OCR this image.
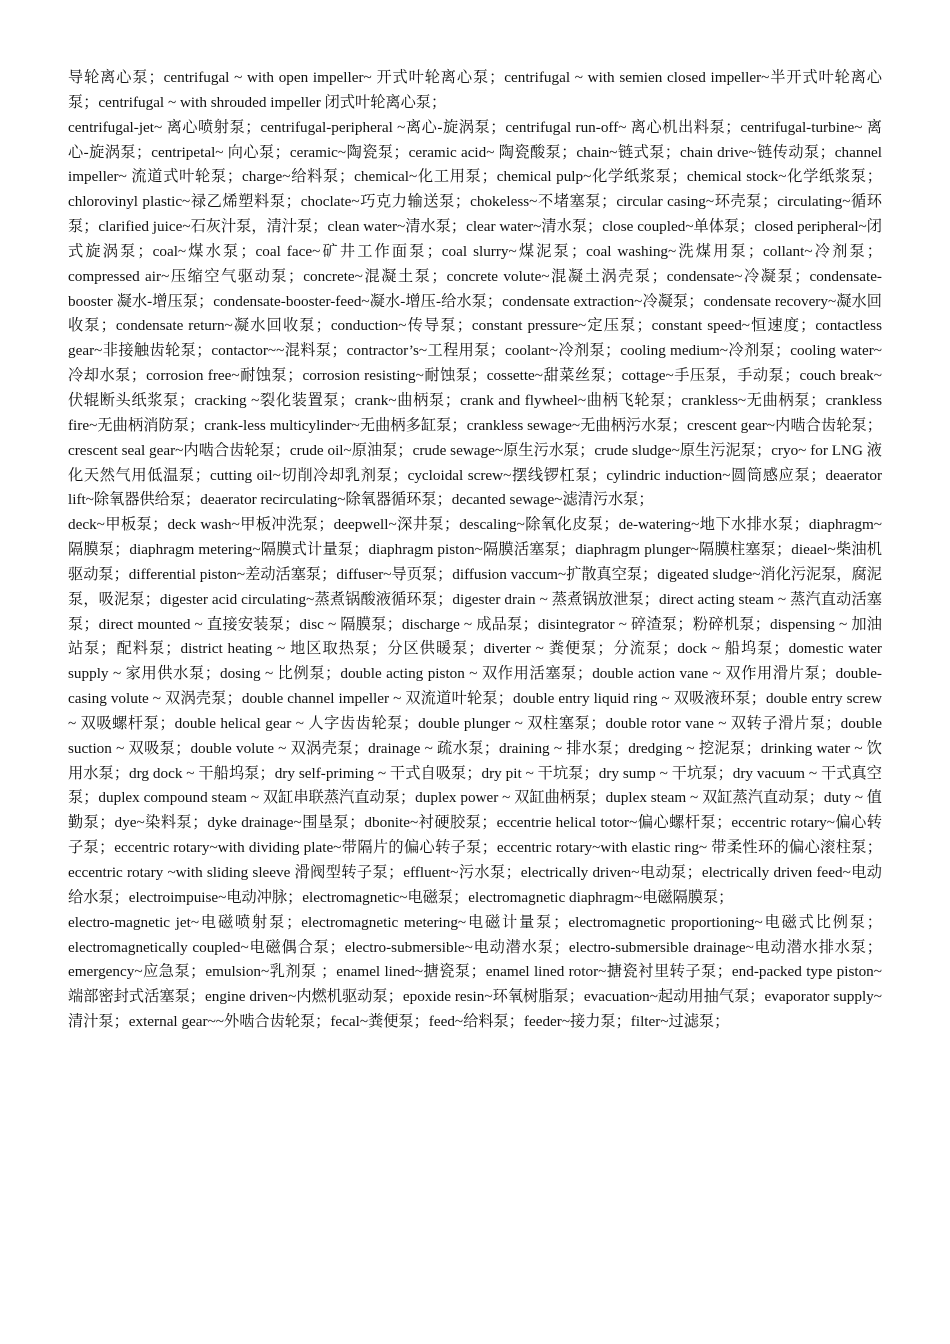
导轮离心泵；centrifugal ~ with open impeller~ 开式叶轮离心泵；centrifugal ~ with semien closed impeller~半开式叶轮离心泵；centrifugal ~ with shrouded impeller 闭式叶轮离心泵；

centrifugal-jet~ 离心喷射泵；centrifugal-peripheral ~离心-旋涡泵；centrifugal run-off~ 离心机出料泵；centrifugal-turbine~ 离心-旋涡泵；centripetal~ 向心泵；ceramic~陶瓷泵；ceramic acid~ 陶瓷酸泵；chain~链式泵；chain drive~链传动泵；channel impeller~ 流道式叶轮泵；charge~给料泵；chemical~化工用泵；chemical pulp~化学纸浆泵；chemical stock~化学纸浆泵；chlorovinyl plastic~禄乙烯塑料泵；choclate~巧克力输送泵；chokeless~不堵塞泵；circular casing~环壳泵；circulating~循环泵；clarified juice~石灰汁泵，清汁泵；clean water~清水泵；clear water~清水泵；close coupled~单体泵；closed peripheral~闭式旋涡泵；coal~煤水泵；coal face~矿井工作面泵；coal slurry~煤泥泵；coal washing~洗煤用泵；collant~冷剂泵；compressed air~压缩空气驱动泵；concrete~混凝土泵；concrete volute~混凝土涡壳泵；condensate~冷凝泵；condensate-booster 凝水-增压泵；condensate-booster-feed~凝水-增压-给水泵；condensate extraction~冷凝泵；condensate recovery~凝水回收泵；condensate return~凝水回收泵；conduction~传导泵；constant pressure~定压泵；constant speed~恒速度；contactless gear~非接触齿轮泵；contactor~~混料泵；contractor’s~工程用泵；coolant~冷剂泵；cooling medium~冷剂泵；cooling water~冷却水泵；corrosion free~耐蚀泵；corrosion resisting~耐蚀泵；cossette~甜菜丝泵；cottage~手压泵，手动泵；couch break~伏辊断头纸浆泵；cracking ~裂化装置泵；crank~曲柄泵；crank and flywheel~曲柄飞轮泵；crankless~无曲柄泵；crankless fire~无曲柄消防泵；crank-less multicylinder~无曲柄多缸泵；crankless sewage~无曲柄污水泵；crescent gear~内啮合齿轮泵；crescent seal gear~内啮合齿轮泵；crude oil~原油泵；crude sewage~原生污水泵；crude sludge~原生污泥泵；cryo~ for LNG 液化天然气用低温泵；cutting oil~切削冷却乳剂泵；cycloidal screw~摆线锣杠泵；cylindric induction~圆筒感应泵；deaerator lift~除氧器供给泵；deaerator recirculating~除氧器循环泵；decanted sewage~滤清污水泵；

deck~甲板泵；deck wash~甲板冲洗泵；deepwell~深井泵；descaling~除氧化皮泵；de-watering~地下水排水泵；diaphragm~隔膜泵；diaphragm metering~隔膜式计量泵；diaphragm piston~隔膜活塞泵；diaphragm plunger~隔膜柱塞泵；dieael~柴油机驱动泵；differential piston~差动活塞泵；diffuser~导页泵；diffusion vaccum~扩散真空泵；digeated sludge~消化污泥泵，腐泥泵，吸泥泵；digester acid circulating~蒸煮锅酸液循环泵；digester drain ~ 蒸煮锅放泄泵；direct acting steam ~ 蒸汽直动活塞泵；direct mounted ~ 直接安装泵；disc ~ 隔膜泵；discharge ~ 成品泵；disintegrator ~ 碎渣泵；粉碎机泵；dispensing ~ 加油站泵；配料泵；district heating ~ 地区取热泵；分区供暖泵；diverter ~ 粪便泵；分流泵；dock ~ 船坞泵；domestic water supply ~ 家用供水泵；dosing ~ 比例泵；double acting piston ~ 双作用活塞泵；double action vane ~ 双作用滑片泵；double-casing volute ~ 双涡壳泵；double channel impeller ~ 双流道叶轮泵；double entry liquid ring ~ 双吸液环泵；double entry screw ~ 双吸螺杆泵；double helical gear ~ 人字齿齿轮泵；double plunger ~ 双柱塞泵；double rotor vane ~ 双转子滑片泵；double suction ~ 双吸泵；double volute ~ 双涡壳泵；drainage ~ 疏水泵；draining ~ 排水泵；dredging ~ 挖泥泵；drinking water ~ 饮用水泵；drg dock ~ 干船坞泵；dry self-priming ~ 干式自吸泵；dry pit ~ 干坑泵；dry sump ~ 干坑泵；dry vacuum ~ 干式真空泵；duplex compound steam ~ 双缸串联蒸汽直动泵；duplex power ~ 双缸曲柄泵；duplex steam ~ 双缸蒸汽直动泵；duty ~ 值勤泵；dye~染料泵；dyke drainage~围垦泵；dbonite~衬硬胶泵；eccentrie helical totor~偏心螺杆泵；eccentric rotary~偏心转子泵；eccentric rotary~with dividing plate~带隔片的偏心转子泵；eccentric rotary~with elastic ring~ 带柔性环的偏心滚柱泵；eccentric rotary ~with sliding sleeve 滑阀型转子泵；effluent~污水泵；electrically driven~电动泵；electrically driven feed~电动给水泵；electroimpuise~电动冲脉；electromagnetic~电磁泵；electromagnetic diaphragm~电磁隔膜泵；

electro-magnetic jet~电磁喷射泵；electromagnetic metering~电磁计量泵；electromagnetic proportioning~电磁式比例泵；electromagnetically coupled~电磁偶合泵；electro-submersible~电动潜水泵；electro-submersible drainage~电动潜水排水泵；emergency~应急泵；emulsion~乳剂泵 ；enamel lined~搪瓷泵；enamel lined rotor~搪瓷衬里转子泵；end-packed type piston~端部密封式活塞泵；engine driven~内燃机驱动泵；epoxide resin~环氧树脂泵；evacuation~起动用抽气泵；evaporator supply~清汁泵；external gear~~外啮合齿轮泵；fecal~粪便泵；feed~给料泵；feeder~接力泵；filter~过滤泵；
